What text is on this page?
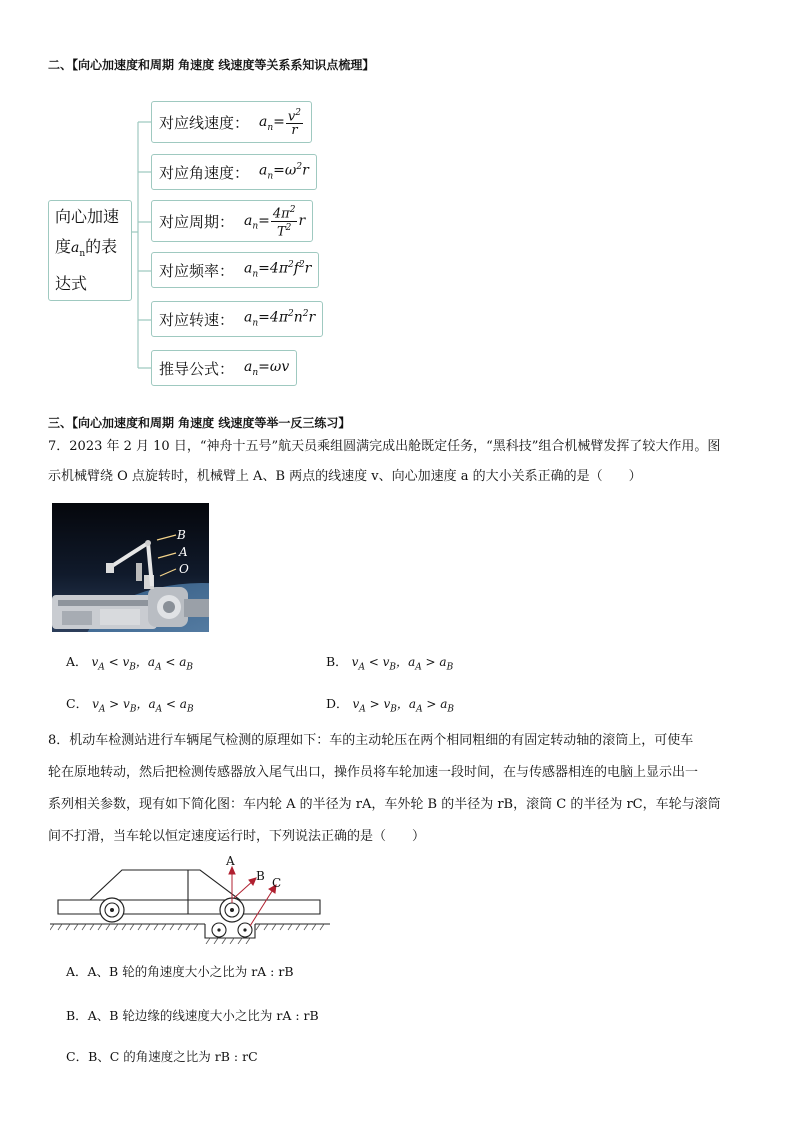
二、【向心加速度和周期 角速度 线速度等关系系知识点梳理】
向心加速
度$a_n$的表
达式
对应线速度： $a_n= \frac{v^2}{r}$
对应角速度： $a_n=\omega^2r$
对应周期： $a_n= \frac{4\pi^2}{T^2}$ r
对应频率： $a_n=4\pi^2f^2r$
对应转速： $a_n=4\pi^2n^2r$
推导公式： $a_n=\omega v$
三、【向心加速度和周期 角速度 线速度等举一反三练习】
7．2023 年 2 月 10 日，“神舟十五号”航天员乘组圆满完成出舱既定任务，“黑科技”组合机械臂发挥了较大作用。图
示机械臂绕 O 点旋转时，机械臂上 A、B 两点的线速度 v、向心加速度 a 的大小关系正确的是（　　）
B
A
O
A． $v_A < v_B$，$a_A < a_B$	B． $v_A < v_B$，$a_A > a_B$
C． $v_A > v_B$，$a_A < a_B$	D． $v_A > v_B$，$a_A > a_B$
8．机动车检测站进行车辆尾气检测的原理如下：车的主动轮压在两个相同粗细的有固定转动轴的滚筒上，可使车
轮在原地转动，然后把检测传感器放入尾气出口，操作员将车轮加速一段时间，在与传感器相连的电脑上显示出一
系列相关参数，现有如下简化图：车内轮 A 的半径为 rA，车外轮 B 的半径为 rB，滚筒 C 的半径为 rC，车轮与滚筒
间不打滑，当车轮以恒定速度运行时，下列说法正确的是（　　）
A
B C
A．A、B 轮的角速度大小之比为 rA : rB
B．A、B 轮边缘的线速度大小之比为 rA : rB
C．B、C 的角速度之比为 rB : rC
